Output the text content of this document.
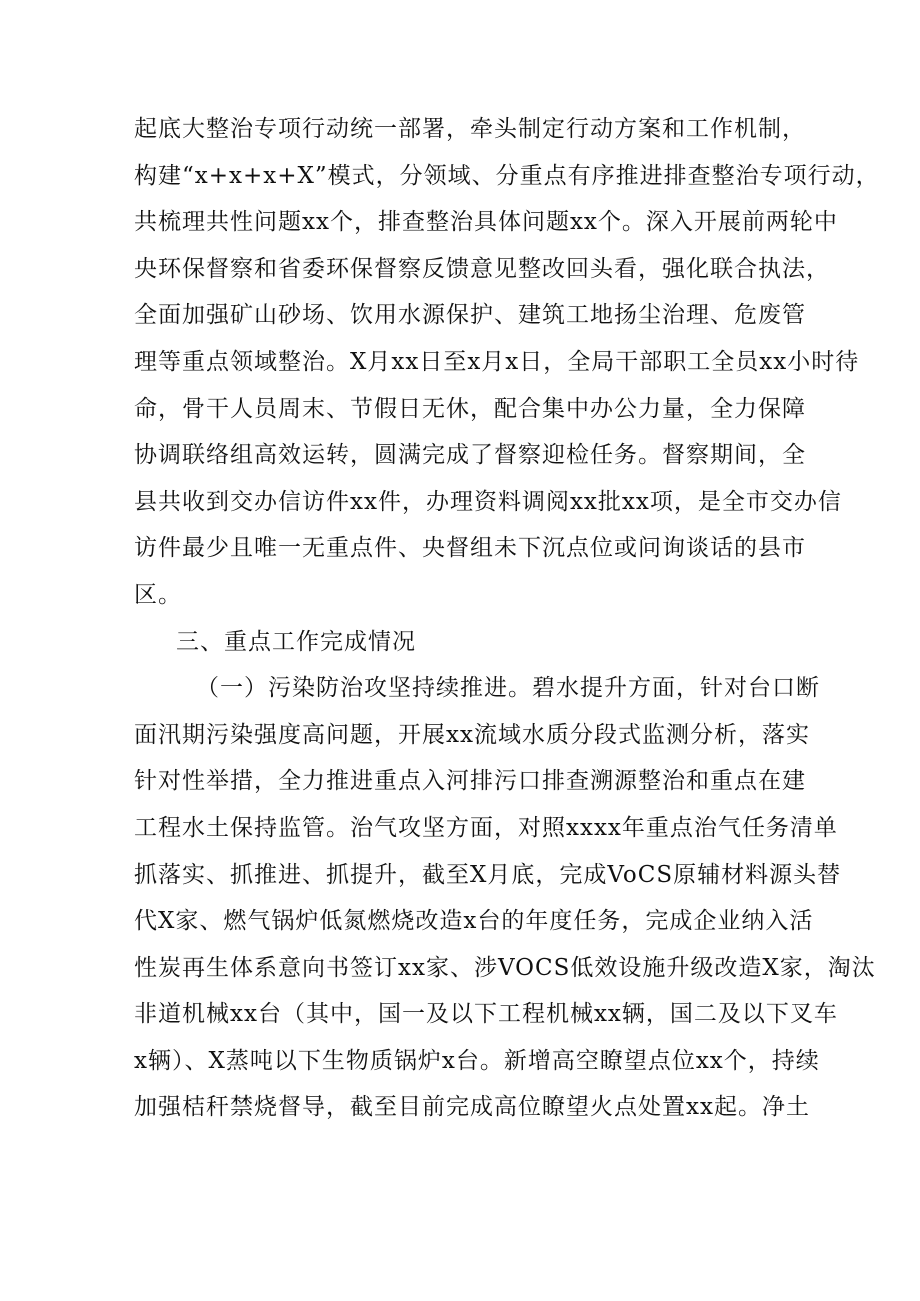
起底大整治专项行动统一部署，牵头制定行动方案和工作机制，
构建“x+x+x+X”模式，分领域、分重点有序推进排查整治专项行动，
共梳理共性问题xx个，排查整治具体问题xx个。深入开展前两轮中
央环保督察和省委环保督察反馈意见整改回头看，强化联合执法，
全面加强矿山砂场、饮用水源保护、建筑工地扬尘治理、危废管
理等重点领域整治。X月xx日至x月x日，全局干部职工全员xx小时待
命，骨干人员周末、节假日无休，配合集中办公力量，全力保障
协调联络组高效运转，圆满完成了督察迎检任务。督察期间，全
县共收到交办信访件xx件，办理资料调阅xx批xx项，是全市交办信
访件最少且唯一无重点件、央督组未下沉点位或问询谈话的县市
区。
三、重点工作完成情况
（一）污染防治攻坚持续推进。碧水提升方面，针对台口断
面汛期污染强度高问题，开展xx流域水质分段式监测分析，落实
针对性举措，全力推进重点入河排污口排查溯源整治和重点在建
工程水土保持监管。治气攻坚方面，对照xxxx年重点治气任务清单
抓落实、抓推进、抓提升，截至X月底，完成VoCS原辅材料源头替
代X家、燃气锅炉低氮燃烧改造x台的年度任务，完成企业纳入活
性炭再生体系意向书签订xx家、涉VOCS低效设施升级改造X家，淘汰
非道机械xx台（其中，国一及以下工程机械xx辆，国二及以下叉车
x辆）、X蒸吨以下生物质锅炉x台。新增高空瞭望点位xx个，持续
加强桔秆禁烧督导，截至目前完成高位瞭望火点处置xx起。净土
